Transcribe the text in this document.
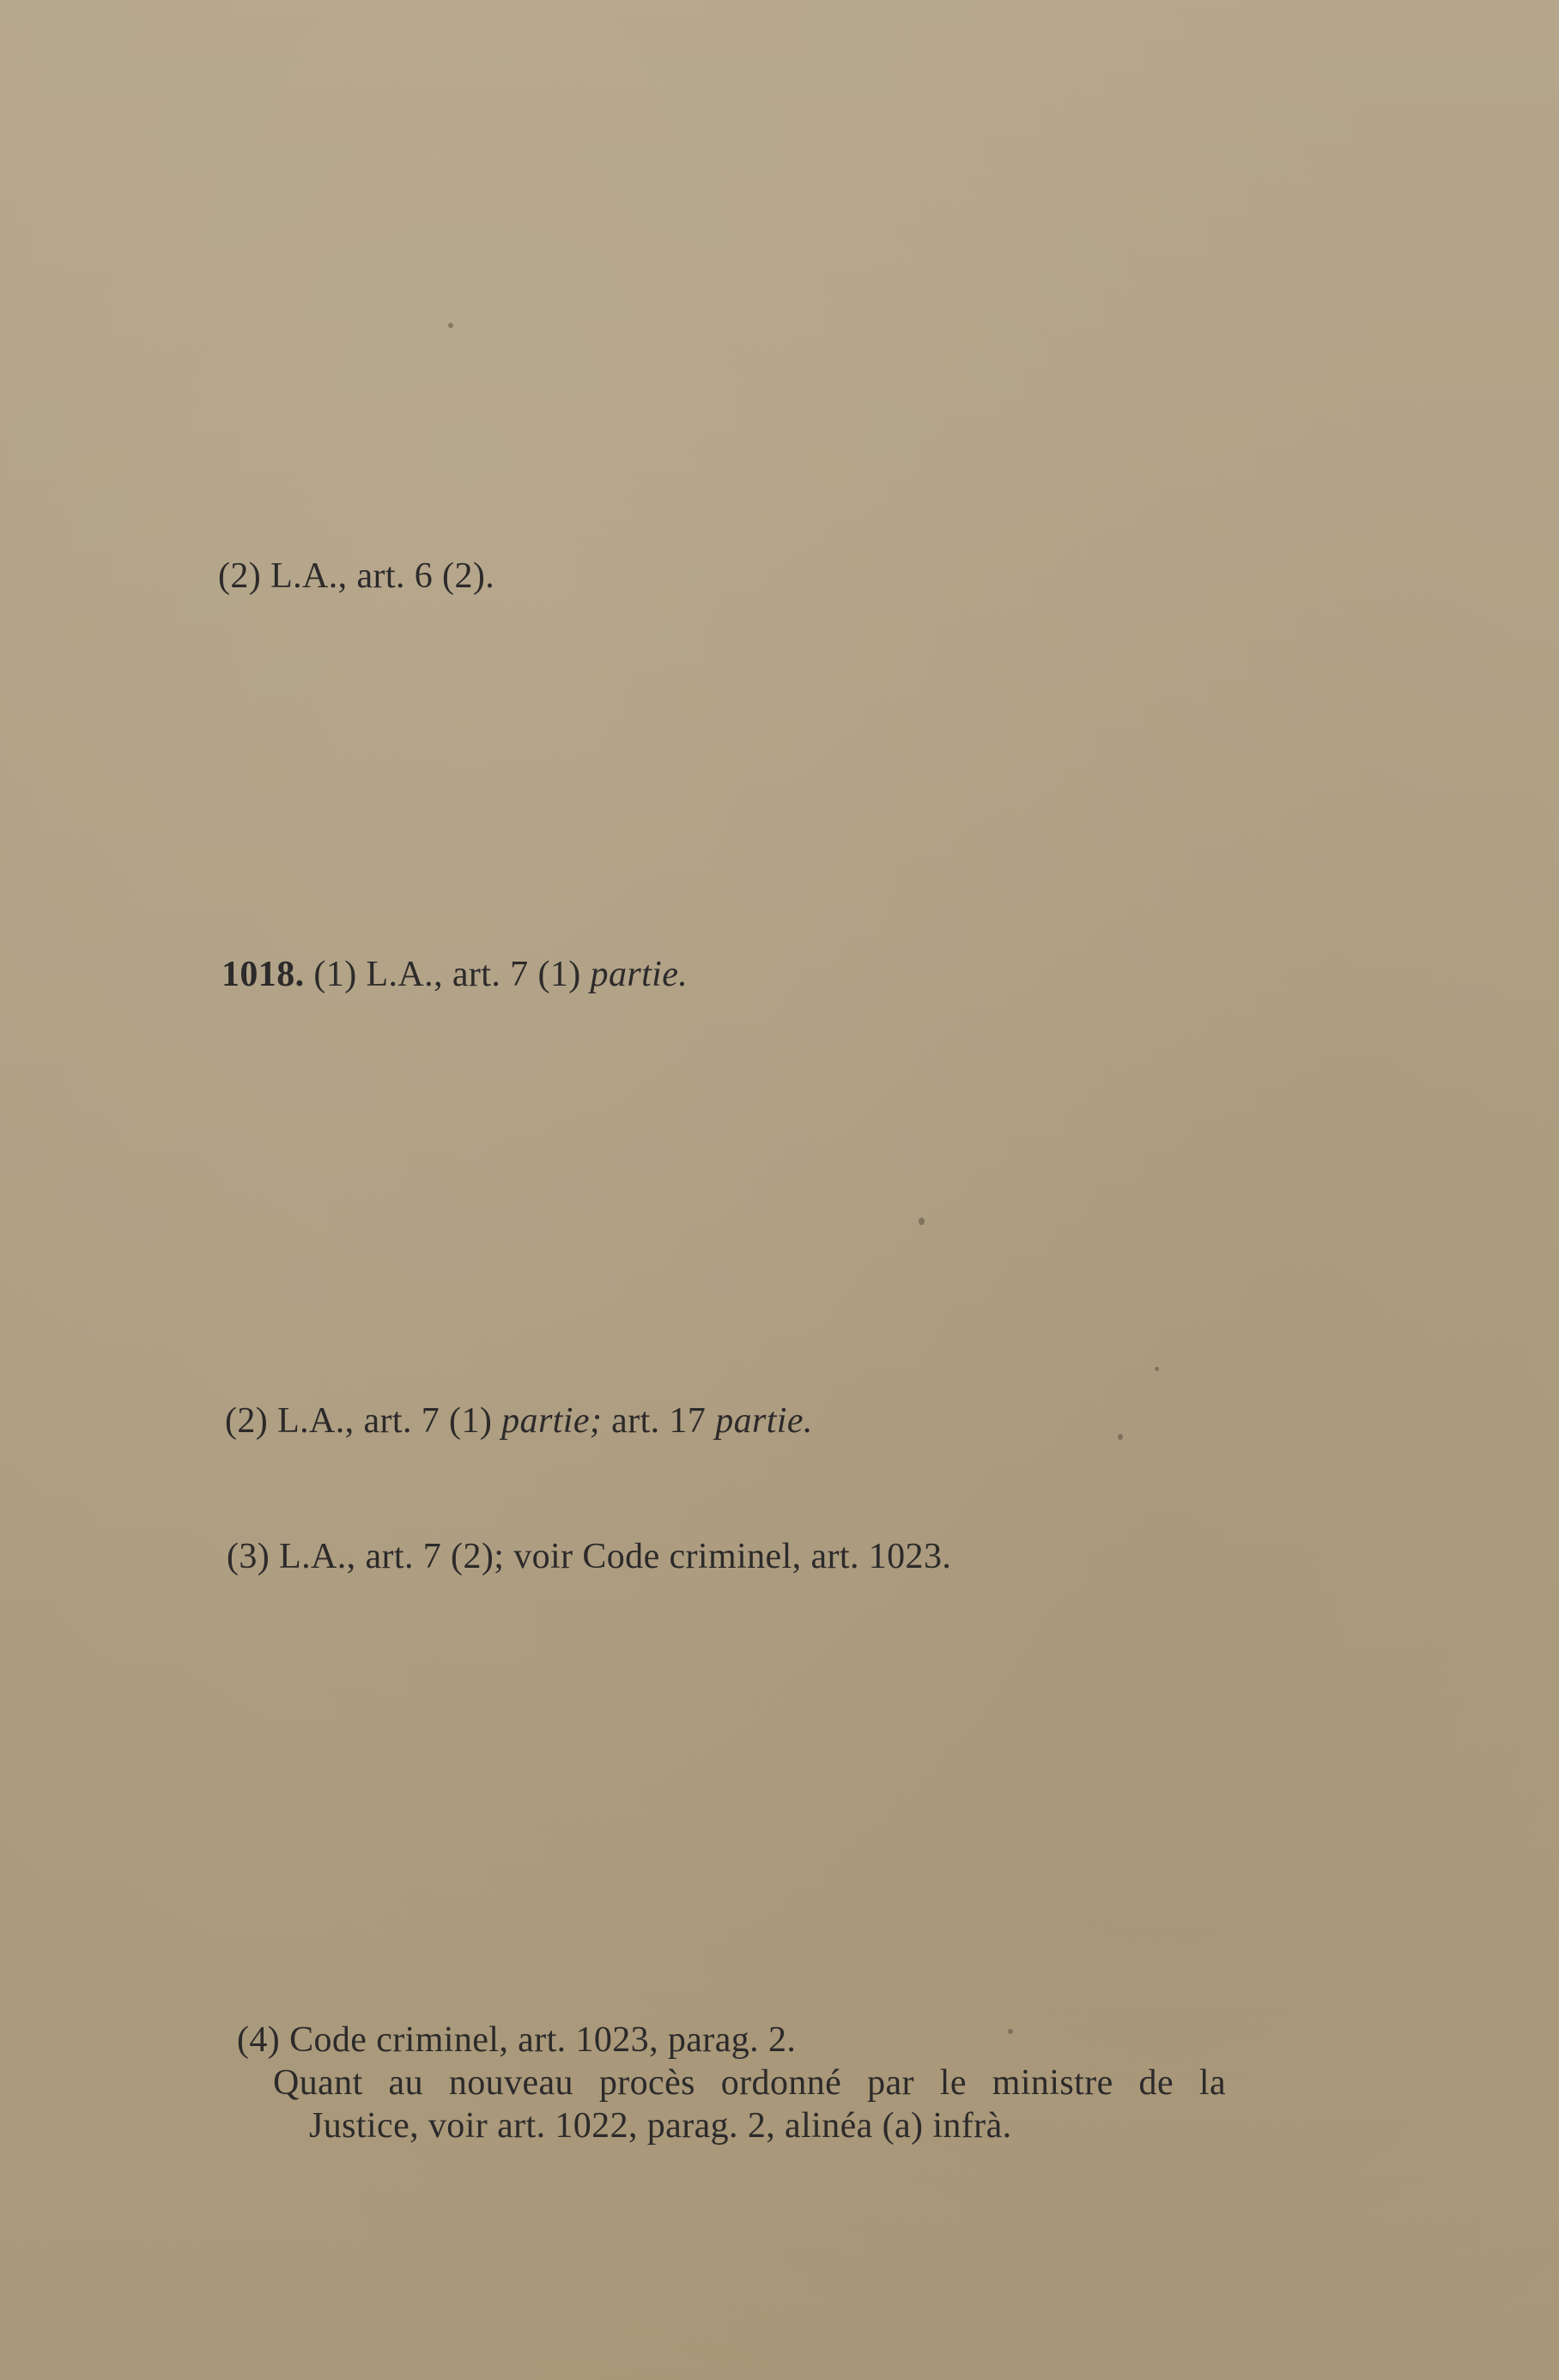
(2) L.A., art. 6 (2).
1018. (1) L.A., art. 7 (1) partie.
(2) L.A., art. 7 (1) partie; art. 17 partie.
(3) L.A., art. 7 (2); voir Code criminel, art. 1023.
(4) Code criminel, art. 1023, parag. 2.
Quant au nouveau procès ordonné par le ministre de la
Justice, voir art. 1022, parag. 2, alinéa (a) infrà.
